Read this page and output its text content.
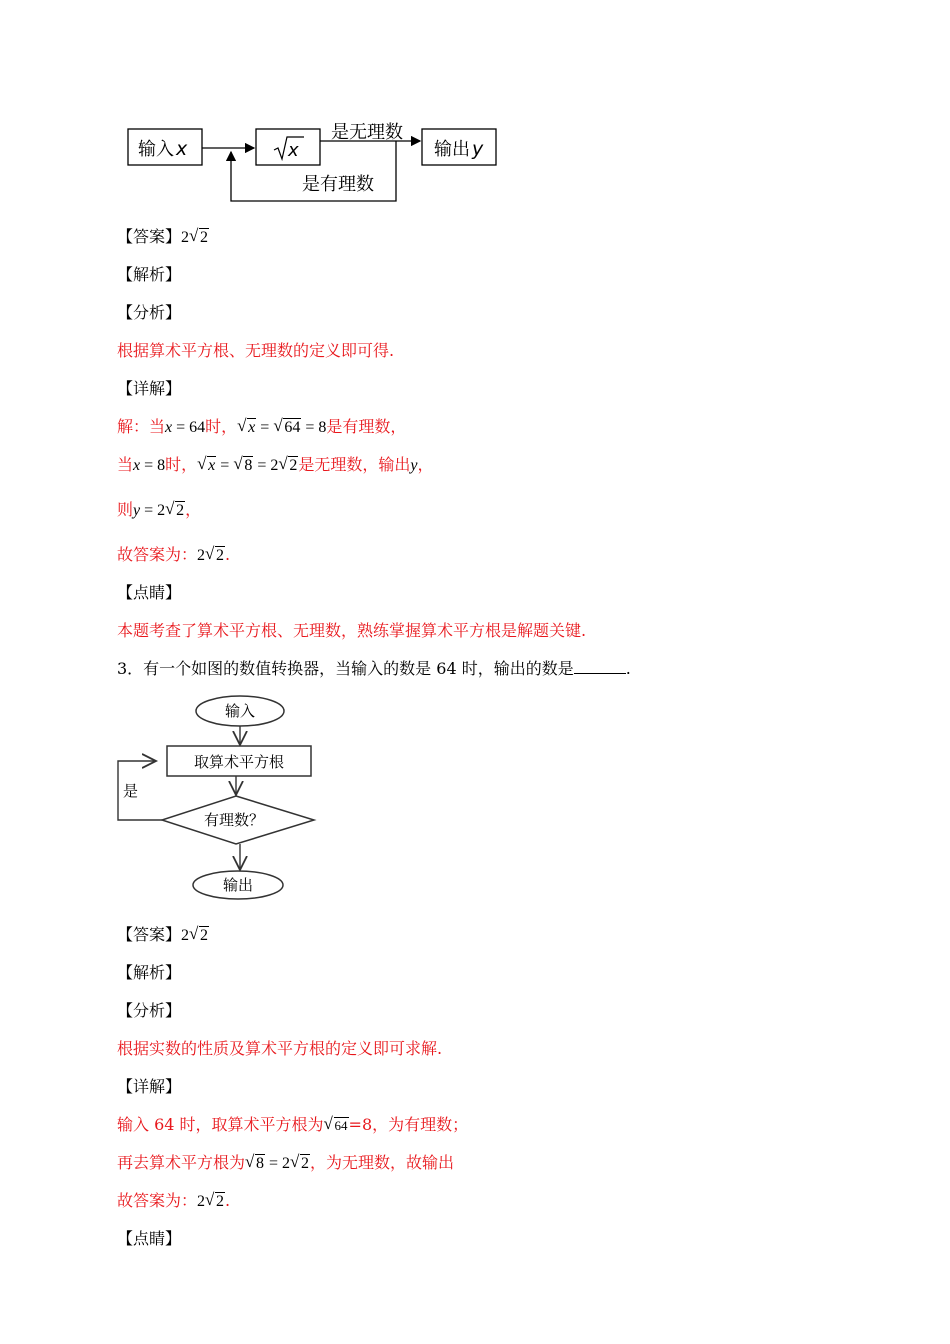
输入 x	x
是无理数
输出 y
是有理数
【答案】2 √ 2
【解析】
【分析】
根据算术平方根、无理数的定义即可得.
【详解】
解：当x = 64时， √ x = √ 64 = 8是有理数，
当x = 8时， √ x = √ 8 = 2 √ 2是无理数，输出y，
则y = 2 √ 2，
故答案为：2 √ 2.
【点睛】
本题考查了算术平方根、无理数，熟练掌握算术平方根是解题关键.
3．有一个如图的数值转换器，当输入的数是 64 时，输出的数是	.
输入
取算术平方根
有理数？
是
输出
【答案】2 √ 2
【解析】
【分析】
根据实数的性质及算术平方根的定义即可求解.
【详解】
输入 64 时，取算术平方根为 √ 64=8，为有理数；
再去算术平方根为 √ 8 = 2 √ 2，为无理数，故输出
故答案为：2 √ 2.
【点睛】
